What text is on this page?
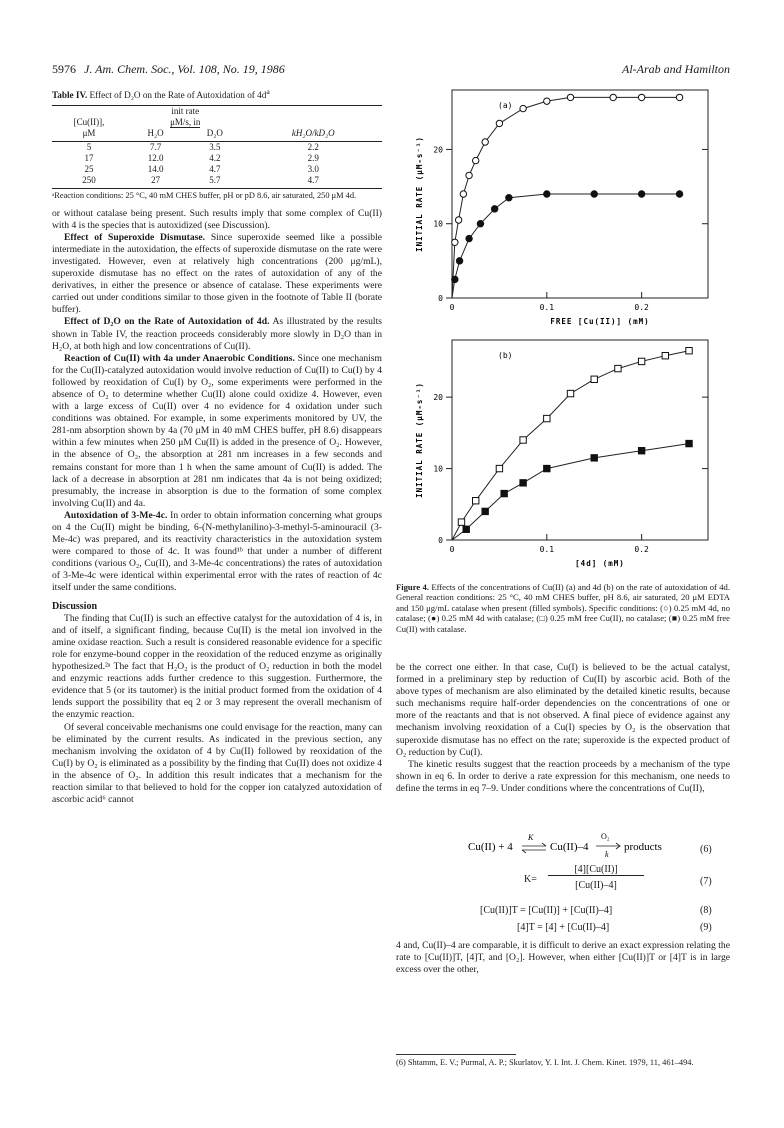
5976 J. Am. Chem. Soc., Vol. 108, No. 19, 1986	Al-Arab and Hamilton
Table IV. Effect of D₂O on the Rate of Autoxidation of $4d^a$
	init rate		
[Cu(II)],	μM/s, in		
μM	H₂O	D₂O	kH₂O/kD₂O
5	7.7	3.5	2.2
17	12.0	4.2	2.9
25	14.0	4.7	3.0
250	27	5.7	4.7
ᵃReaction conditions: 25 °C, 40 mM CHES buffer, pH or pD 8.6, air saturated, 250 μM 4d.

or without catalase being present. Such results imply that some complex of Cu(II) with 4 is the species that is autoxidized (see Discussion).

Effect of Superoxide Dismutase. Since superoxide seemed like a possible intermediate in the autoxidation, the effects of superoxide dismutase on the rate were investigated. However, even at relatively high concentrations (200 μg/mL), superoxide dismutase has no effect on the rates of autoxidation of any of the derivatives, in either the presence or absence of catalase. These experiments were carried out under conditions similar to those given in the footnote of Table II (borate buffer).

Effect of D₂O on the Rate of Autoxidation of 4d. As illustrated by the results shown in Table IV, the reaction proceeds considerably more slowly in D₂O than in H₂O, at both high and low concentrations of Cu(II).

Reaction of Cu(II) with 4a under Anaerobic Conditions. Since one mechanism for the Cu(II)-catalyzed autoxidation would involve reduction of Cu(II) to Cu(I) by 4 followed by reoxidation of Cu(I) by O₂, some experiments were performed in the absence of O₂ to determine whether Cu(II) alone could oxidize 4. However, even with a large excess of Cu(II) over 4 no evidence for 4 oxidation under such conditions was obtained. For example, in some experiments monitored by UV, the 281-nm absorption shown by 4a (70 μM in 40 mM CHES buffer, pH 8.6) disappears within a few minutes when 250 μM Cu(II) is added in the presence of O₂. However, in the absence of O₂, the absorption at 281 nm increases in a few seconds and remains constant for more than 1 h when the same amount of Cu(II) is added. The lack of a decrease in absorption at 281 nm indicates that 4a is not being oxidized; presumably, the increase in absorption is due to the formation of some complex involving Cu(II) and 4a.

Autoxidation of 3-Me-4c. In order to obtain information concerning what groups on 4 the Cu(II) might be binding, 6-(N-methylanilino)-3-methyl-5-aminouracil (3-Me-4c) was prepared, and its reactivity characteristics in the autoxidation system were compared to those of 4c. It was found¹ᵇ that under a number of different conditions (various O₂, Cu(II), and 3-Me-4c concentrations) the rates of autoxidation of 3-Me-4c were identical within experimental error with the rates of reaction of 4c itself under the same conditions.

Discussion

The finding that Cu(II) is such an effective catalyst for the autoxidation of 4 is, in and of itself, a significant finding, because Cu(II) is the metal ion involved in the amine oxidase reaction. Such a result is considered reasonable evidence for a specific role for enzyme-bound copper in the reoxidation of the reduced enzyme as originally hypothesized.²ᵃ The fact that H₂O₂ is the product of O₂ reduction in both the model and enzymic reactions adds further credence to this suggestion. Furthermore, the evidence that 5 (or its tautomer) is the initial product formed from the oxidation of 4 lends support the possibility that eq 2 or 3 may represent the overall mechanism of the enzymic reaction.

Of several conceivable mechanisms one could envisage for the reaction, many can be eliminated by the current results. As indicated in the previous section, any mechanism involving the oxidaton of 4 by Cu(II) followed by reoxidation of the Cu(I) by O₂ is eliminated as a possibility by the finding that Cu(II) does not oxidize 4 in the absence of O₂. In addition this result indicates that a mechanism for the reaction similar to that believed to hold for the copper ion catalyzed autoxidation of ascorbic acid⁶ cannot

0
10
20
0	0.1	0.2
(a)
INITIAL RATE (μM-s⁻¹)
FREE [Cu(II)] (mM)
0
10
20
0	0.1	0.2
(b)
INITIAL RATE (μM-s⁻¹)
[4d] (mM)
Figure 4. Effects of the concentrations of Cu(II) (a) and 4d (b) on the rate of autoxidation of 4d. General reaction conditions: 25 °C, 40 mM CHES buffer, pH 8.6, air saturated, 20 μM EDTA and 150 μg/mL catalase when present (filled symbols). Specific conditions: (○) 0.25 mM 4d, no catalase; (●) 0.25 mM 4d with catalase; (□) 0.25 mM free Cu(II), no catalase; (■) 0.25 mM free Cu(II) with catalase.

be the correct one either. In that case, Cu(I) is believed to be the actual catalyst, formed in a preliminary step by reduction of Cu(II) by ascorbic acid. Both of the above types of mechanism are also eliminated by the detailed kinetic results, because such mechanisms require half-order dependencies on the concentrations of one or more of the reactants and that is not observed. A final piece of evidence against any mechanism involving reoxidation of a Cu(I) species by O₂ is the observation that superoxide dismutase has no effect on the rate; superoxide is the expected product of O₂ reduction by Cu(I).

The kinetic results suggest that the reaction proceeds by a mechanism of the type shown in eq 6. In order to derive a rate expression for this mechanism, one needs to define the terms in eq 7–9. Under conditions where the concentrations of Cu(II),

Cu(II) + 4
K
Cu(II)–4
O₂
k
products	(6)
K=
[4][Cu(II)]
[Cu(II)–4]	(7)
[Cu(II)]T = [Cu(II)] + [Cu(II)–4]	(8)
[4]T = [4] + [Cu(II)–4]	(9)

4 and, Cu(II)–4 are comparable, it is difficult to derive an exact expression relating the rate to [Cu(II)]T, [4]T, and [O₂]. However, when either [Cu(II)]T or [4]T is in large excess over the other,

(6) Shtamm, E. V.; Purmal, A. P.; Skurlatov, Y. I. Int. J. Chem. Kinet. 1979, 11, 461–494.
